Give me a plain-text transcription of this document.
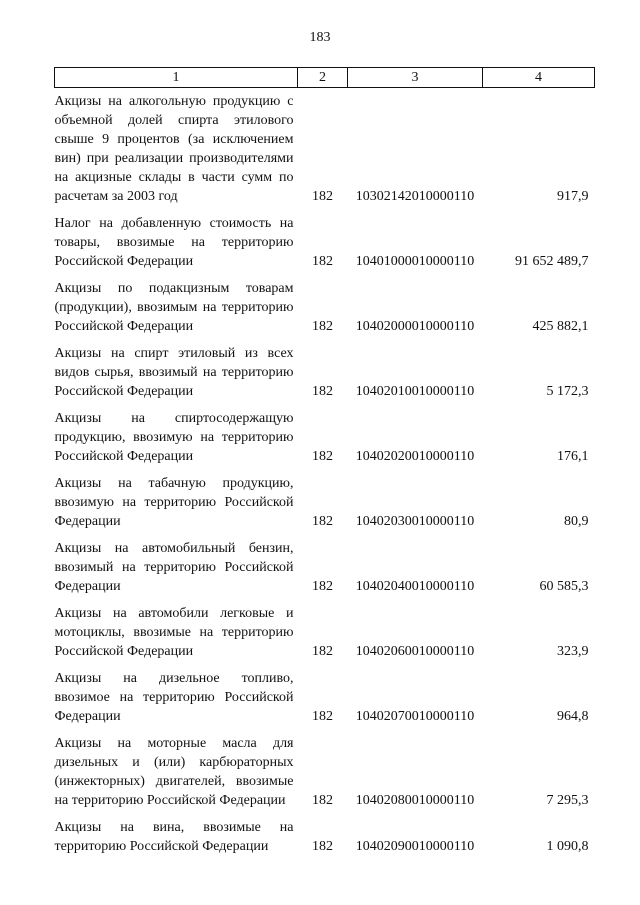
183
1	2	3	4
Акцизы на алкогольную продукцию с объемной долей спирта этилового свыше 9 процентов (за исключением вин) при реализации производителями на акцизные склады в части сумм по расчетам за 2003 год	182	10302142010000110	917,9
Налог на добавленную стоимость на товары, ввозимые на территорию Российской Федерации	182	10401000010000110	91 652 489,7
Акцизы по подакцизным товарам (продукции), ввозимым на территорию Российской Федерации	182	10402000010000110	425 882,1
Акцизы на спирт этиловый из всех видов сырья, ввозимый на территорию Российской Федерации	182	10402010010000110	5 172,3
Акцизы на спиртосодержащую продукцию, ввозимую на территорию Российской Федерации	182	10402020010000110	176,1
Акцизы на табачную продукцию, ввозимую на территорию Российской Федерации	182	10402030010000110	80,9
Акцизы на автомобильный бензин, ввозимый на территорию Российской Федерации	182	10402040010000110	60 585,3
Акцизы на автомобили легковые и мотоциклы, ввозимые на территорию Российской Федерации	182	10402060010000110	323,9
Акцизы на дизельное топливо, ввозимое на территорию Российской Федерации	182	10402070010000110	964,8
Акцизы на моторные масла для дизельных и (или) карбюраторных (инжекторных) двигателей, ввозимые на территорию Российской Федерации	182	10402080010000110	7 295,3
Акцизы на вина, ввозимые на территорию Российской Федерации	182	10402090010000110	1 090,8
